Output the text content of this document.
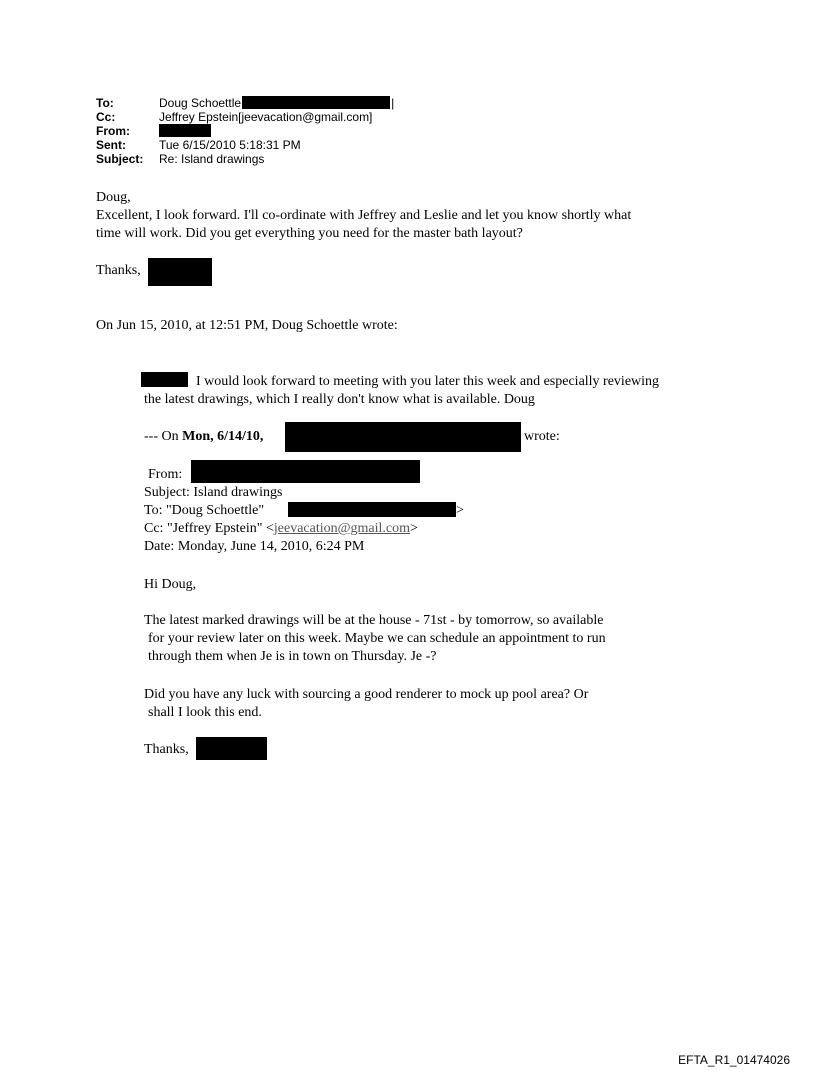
To:	Doug Schoettle	|
Cc:	Jeffrey Epstein[jeevacation@gmail.com]
From:
Sent:	Tue 6/15/2010 5:18:31 PM
Subject:	Re: Island drawings
Doug,
Excellent, I look forward. I'll co-ordinate with Jeffrey and Leslie and let you know shortly what
time will work. Did you get everything you need for the master bath layout?
Thanks,
On Jun 15, 2010, at 12:51 PM, Doug Schoettle wrote:
I would look forward to meeting with you later this week and especially reviewing
the latest drawings, which I really don't know what is available. Doug
--- On Mon, 6/14/10,	wrote:
From:
Subject: Island drawings
To: "Doug Schoettle"	>
Cc: "Jeffrey Epstein" <jeevacation@gmail.com>
Date: Monday, June 14, 2010, 6:24 PM
Hi Doug,
The latest marked drawings will be at the house - 71st - by tomorrow, so available
for your review later on this week. Maybe we can schedule an appointment to run
through them when Je is in town on Thursday. Je -?
Did you have any luck with sourcing a good renderer to mock up pool area? Or
shall I look this end.
Thanks,
EFTA_R1_01474026
